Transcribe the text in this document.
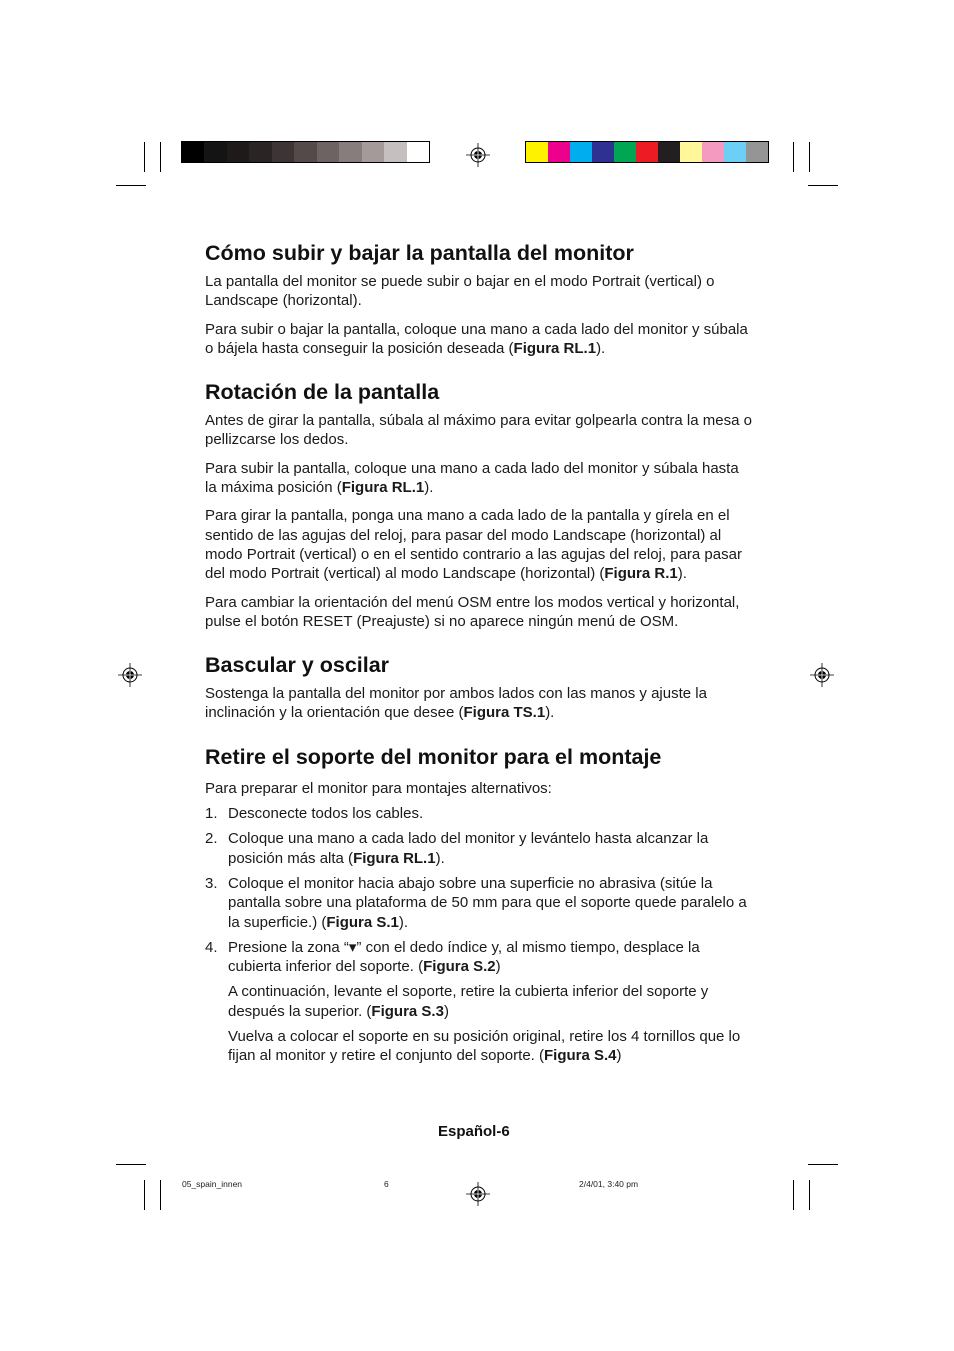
Cómo subir y bajar la pantalla del monitor

La pantalla del monitor se puede subir o bajar en el modo Portrait (vertical) o Landscape (horizontal).

Para subir o bajar la pantalla, coloque una mano a cada lado del monitor y súbala o bájela hasta conseguir la posición deseada (Figura RL.1).

Rotación de la pantalla

Antes de girar la pantalla, súbala al máximo para evitar golpearla contra la mesa o pellizcarse los dedos.

Para subir la pantalla, coloque una mano a cada lado del monitor y súbala hasta la máxima posición (Figura RL.1).

Para girar la pantalla, ponga una mano a cada lado de la pantalla y gírela en el sentido de las agujas del reloj, para pasar del modo Landscape (horizontal) al modo Portrait (vertical) o en el sentido contrario a las agujas del reloj, para pasar del modo Portrait (vertical) al modo Landscape (horizontal) (Figura R.1).

Para cambiar la orientación del menú OSM entre los modos vertical y horizontal, pulse el botón RESET (Preajuste) si no aparece ningún menú de OSM.

Bascular y oscilar

Sostenga la pantalla del monitor por ambos lados con las manos y ajuste la inclinación y la orientación que desee (Figura TS.1).

Retire el soporte del monitor para el montaje

Para preparar el monitor para montajes alternativos:

1. Desconecte todos los cables.
2. Coloque una mano a cada lado del monitor y levántelo hasta alcanzar la posición más alta (Figura RL.1).
3. Coloque el monitor hacia abajo sobre una superficie no abrasiva (sitúe la pantalla sobre una plataforma de 50 mm para que el soporte quede paralelo a la superficie.) (Figura S.1).
4. Presione la zona “▾” con el dedo índice y, al mismo tiempo, desplace la cubierta inferior del soporte. (Figura S.2)

A continuación, levante el soporte, retire la cubierta inferior del soporte y después la superior. (Figura S.3)

Vuelva a colocar el soporte en su posición original, retire los 4 tornillos que lo fijan al monitor y retire el conjunto del soporte. (Figura S.4)

Español-6
05_spain_innen	6	2/4/01, 3:40 pm
